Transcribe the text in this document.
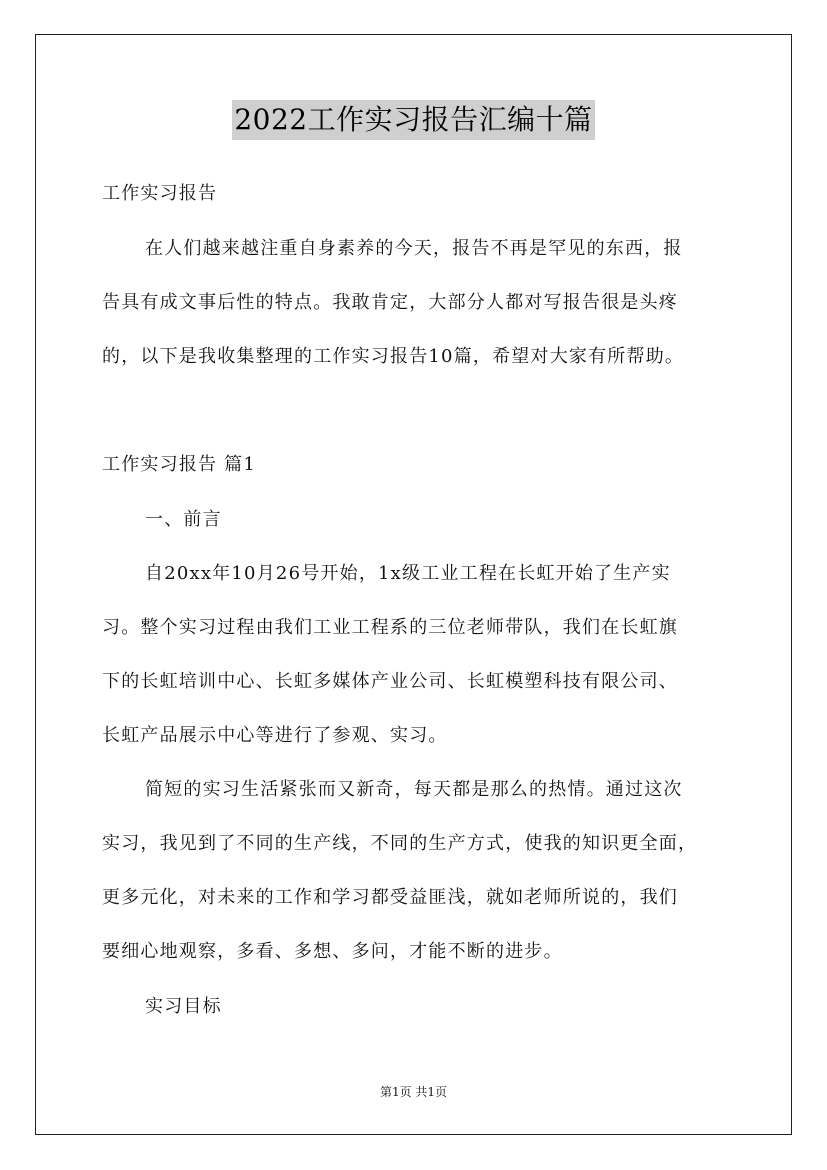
2022工作实习报告汇编十篇
工作实习报告
在人们越来越注重自身素养的今天，报告不再是罕见的东西，报
告具有成文事后性的特点。我敢肯定，大部分人都对写报告很是头疼
的，以下是我收集整理的工作实习报告10篇，希望对大家有所帮助。
工作实习报告 篇1
一、前言
自20xx年10月26号开始，1x级工业工程在长虹开始了生产实
习。整个实习过程由我们工业工程系的三位老师带队，我们在长虹旗
下的长虹培训中心、长虹多媒体产业公司、长虹模塑科技有限公司、
长虹产品展示中心等进行了参观、实习。
简短的实习生活紧张而又新奇，每天都是那么的热情。通过这次
实习，我见到了不同的生产线，不同的生产方式，使我的知识更全面，
更多元化，对未来的工作和学习都受益匪浅，就如老师所说的，我们
要细心地观察，多看、多想、多问，才能不断的进步。
实习目标
第1页 共1页
